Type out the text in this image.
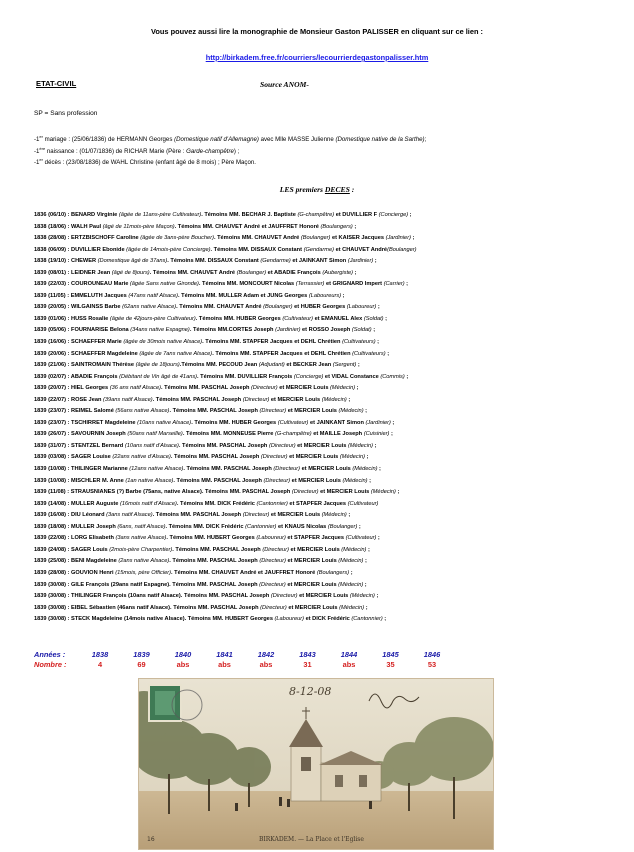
Vous pouvez aussi lire la monographie de Monsieur Gaston PALISSER en cliquant sur ce lien :
http://birkadem.free.fr/courriers/lecourrierdegastonpalisser.htm
ETAT-CIVIL	Source ANOM-
SP = Sans profession
-1er mariage : (25/06/1836) de HERMANN Georges (Domestique natif d'Allemagne) avec Mlle MASSE Julienne (Domestique native de la Sarthe);
-1ère naissance : (01/07/1836) de RICHAR Marie (Père : Garde-champêtre) ;
-1er décès : (23/08/1836) de WAHL Christine (enfant âgé de 8 mois) ; Père Maçon.
LES premiers DECES :
1836 (06/10) : BENARD Virginie (âgée de 11ans-père Cultivateur). Témoins MM. BECHAR J. Baptiste (G-champêtre) et DUVILLIER F (Concierge) ;
1838 (18/06) : WALH Paul (âgé de 11mois-père Maçon). Témoins MM. CHAUVET André et JAUFFRET Honoré (Boulangers) ;
1838 (28/08) : ERTZBISCHOFF Caroline (âgée de 3ans-père Boucher). Témoins MM. CHAUVET André (Boulanger) et KAISER Jacques (Jardinier) ;
1838 (06/09) : DUVILLIER Ebonide (âgée de 14mois-père Concierge). Témoins MM. DISSAUX Constant (Gendarme) et CHAUVET André(Boulanger)
1838 (19/10) : CHEWER (Domestique âgé de 37ans). Témoins MM. DISSAUX Constant (Gendarme) et JAINKANT Simon (Jardinier) ;
1839 (08/01) : LEIDNER Jean (âgé de 8jours). Témoins MM. CHAUVET André (Boulanger) et ABADIE François (Aubergiste) ;
1839 (22/03) : COUROUNEAU Marie (âgée Sans native Gironde). Témoins MM. MONCOURT Nicolas (Terrassier) et GRIGNARD Impert (Carrier) ;
1839 (11/05) : EMMELUTH Jacques (47ans natif Alsace). Témoins MM. MULLER Adam et JUNG Georges (Laboureurs) ;
1839 (20/05) : WILGAINSS Barbe (62ans native Alsace). Témoins MM. CHAUVET André (Boulanger) et HUBER Georges (Laboureur) ;
1839 (01/06) : HUSS Rosalie (âgée de 42jours-père Cultivateur). Témoins MM. HUBER Georges (Cultivateur) et EMANUEL Alex (Soldat) ;
1839 (05/06) : FOURNARISE Belona (34ans native Espagne). Témoins MM.CORTES Joseph (Jardinier) et ROSSO Joseph (Soldat) ;
1839 (16/06) : SCHAEFFER Marie (âgée de 30mois native Alsace). Témoins MM. STAPFER Jacques et DEHL Chrétien (Cultivateurs) ;
1839 (20/06) : SCHAEFFER Magdeleine (âgée de 7ans native Alsace). Témoins MM. STAPFER Jacques et DEHL Chrétien (Cultivateurs) ;
1839 (21/06) : SAINTROMAIN Thérèse (âgée de 18jours).Témoins MM. PECOUD Jean (Adjudant) et BECKER Jean (Sergent) ;
1839 (02/07) : ABADIE François (Débitant de Vin âgé de 41ans). Témoins MM. DUVILLIER François (Concierge) et VIDAL Constance (Commis) ;
1839 (20/07) : HIEL Georges (36 ans natif Alsace). Témoins MM. PASCHAL Joseph (Directeur) et MERCIER Louis (Médecin) ;
1839 (22/07) : ROSE Jean (39ans natif Alsace). Témoins MM. PASCHAL Joseph (Directeur) et MERCIER Louis (Médecin) ;
1839 (23/07) : REIMEL Salomé (56ans native Alsace). Témoins MM. PASCHAL Joseph (Directeur) et MERCIER Louis (Médecin) ;
1839 (23/07) : TSCHIRRET Magdeleine (10ans native Alsace). Témoins MM. HUBER Georges (Cultivateur) et JAINKANT Simon (Jardinier) ;
1839 (26/07) : SAVOURNIN Joseph (50ans natif Marseille). Témoins MM. MONNEUSE Pierre (G-champêtre) et MAILLE Joseph (Cuisinier) ;
1839 (31/07) : STENTZEL Bernard (10ans natif d'Alsace). Témoins MM. PASCHAL Joseph (Directeur) et MERCIER Louis (Médecin) ;
1839 (03/08) : SAGER Louise (22ans native d'Alsace). Témoins MM. PASCHAL Joseph (Directeur) et MERCIER Louis (Médecin) ;
1839 (10/08) : THILINGER Marianne (12ans native Alsace). Témoins MM. PASCHAL Joseph (Directeur) et MERCIER Louis (Médecin) ;
1839 (10/08) : MISCHLER M. Anne (1an native Alsace). Témoins MM. PASCHAL Joseph (Directeur) et MERCIER Louis (Médecin) ;
1839 (11/08) : STRAUSNIANES (?) Barbe (75ans, native Alsace). Témoins MM. PASCHAL Joseph (Directeur) et MERCIER Louis (Médecin) ;
1839 (14/08) : MULLER Auguste (16mois natif d'Alsace). Témoins MM. DICK Frédéric (Cantonnier) et STAPFER Jacques (Cultivateur)
1839 (16/08) : DIU Léonard (3ans natif Alsace). Témoins MM. PASCHAL Joseph (Directeur) et MERCIER Louis (Médecin) ;
1839 (18/08) : MULLER Joseph (6ans, natif Alsace). Témoins MM. DICK Frédéric (Cantonnier) et KNAUS Nicolas (Boulanger) ;
1839 (22/08) : LORG Elisabeth (3ans native Alsace). Témoins MM. HUBERT Georges (Laboureur) et STAPFER Jacques (Cultivateur) ;
1839 (24/08) : SAGER Louis (2mois-père Charpentier). Témoins MM. PASCHAL Joseph (Directeur) et MERCIER Louis (Médecin) ;
1839 (25/08) : BENI Magdeleine (2ans native Alsace). Témoins MM. PASCHAL Joseph (Directeur) et MERCIER Louis (Médecin) ;
1839 (28/08) : GOUVION Henri (15mois, père Officier). Témoins MM. CHAUVET André et JAUFFRET Honoré (Boulangers) ;
1839 (30/08) : GILE François (29ans natif Espagne). Témoins MM. PASCHAL Joseph (Directeur) et MERCIER Louis (Médecin) ;
1839 (30/08) : THILINGER François (10ans natif Alsace). Témoins MM. PASCHAL Joseph (Directeur) et MERCIER Louis (Médecin) ;
1839 (30/08) : EIBEL Sébastien (46ans natif Alsace). Témoins MM. PASCHAL Joseph (Directeur) et MERCIER Louis (Médecin) ;
1839 (30/08) : STECK Magdeleine (14mois native Alsace). Témoins MM. HUBERT Georges (Laboureur) et DICK Frédéric (Cantonnier) ;
Années :
Nombre :
1838
4
1839
69
1840
abs
1841
abs
1842
abs
1843
31
1844
abs
1845
35
1846
53
8-12-08
BIRKADEM. — La Place et l'Eglise
16
